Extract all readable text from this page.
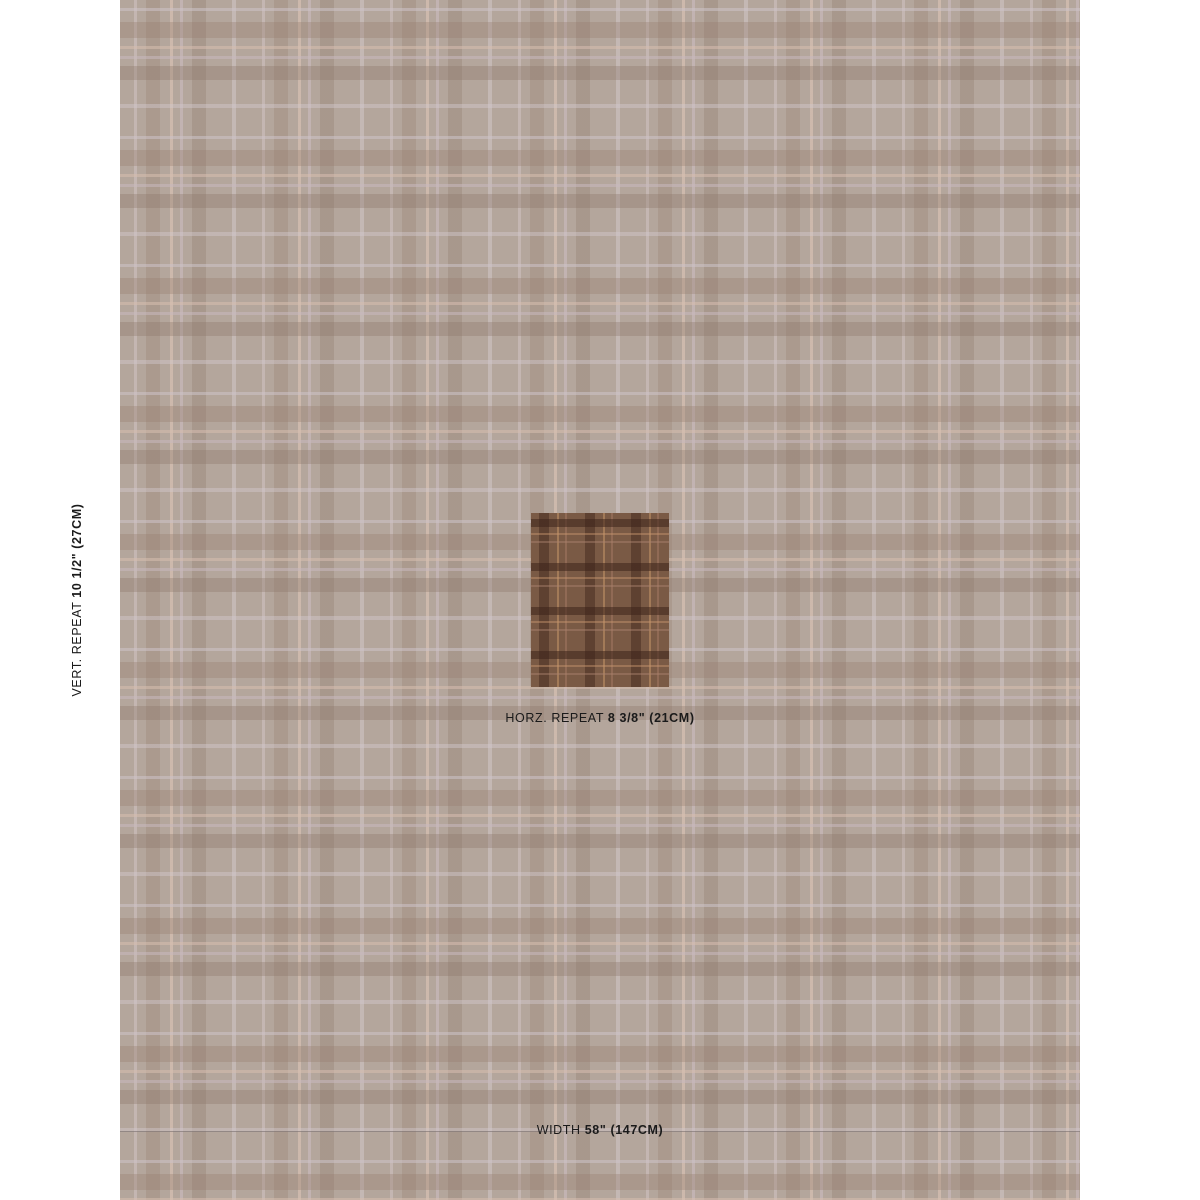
HORZ. REPEAT 8 3/8" (21CM)
VERT. REPEAT 10 1/2" (27CM)
WIDTH 58" (147CM)
